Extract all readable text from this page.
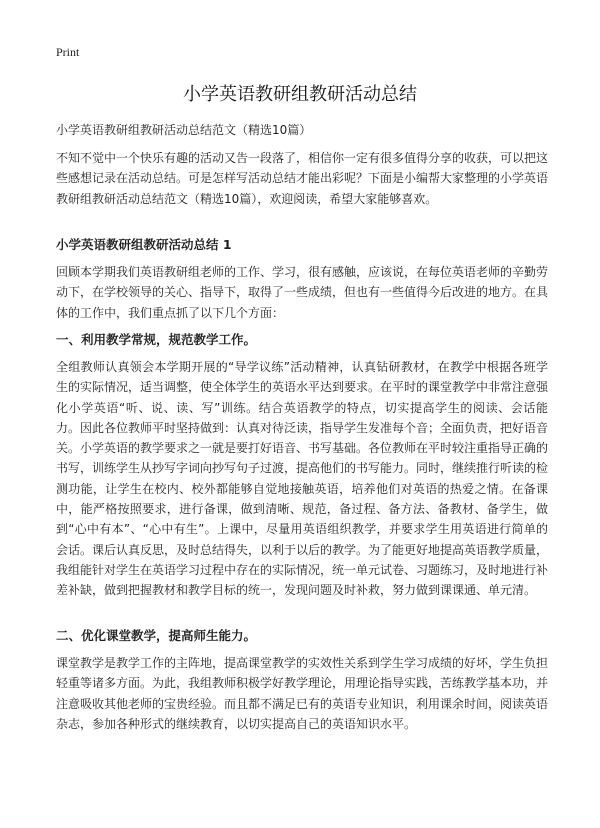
Print
小学英语教研组教研活动总结

小学英语教研组教研活动总结范文（精选10篇）

不知不觉中一个快乐有趣的活动又告一段落了，相信你一定有很多值得分享的收获，可以把这些感想记录在活动总结。可是怎样写活动总结才能出彩呢？下面是小编帮大家整理的小学英语教研组教研活动总结范文（精选10篇），欢迎阅读，希望大家能够喜欢。

小学英语教研组教研活动总结 1

回顾本学期我们英语教研组老师的工作、学习，很有感触，应该说，在每位英语老师的辛勤劳动下，在学校领导的关心、指导下，取得了一些成绩，但也有一些值得今后改进的地方。在具体的工作中，我们重点抓了以下几个方面：

一、利用教学常规，规范教学工作。

全组教师认真领会本学期开展的“导学议练”活动精神，认真钻研教材，在教学中根据各班学生的实际情况，适当调整，使全体学生的英语水平达到要求。在平时的课堂教学中非常注意强化小学英语“听、说、读、写”训练。结合英语教学的特点，切实提高学生的阅读、会话能力。因此各位教师平时坚持做到：认真对待泛读，指导学生发准每个音；全面负责，把好语音关。小学英语的教学要求之一就是要打好语音、书写基础。各位教师在平时较注重指导正确的书写，训练学生从抄写字词向抄写句子过渡，提高他们的书写能力。同时，继续推行听读的检测功能，让学生在校内、校外都能够自觉地接触英语，培养他们对英语的热爱之情。在备课中，能严格按照要求，进行备课，做到清晰、规范，备过程、备方法、备教材、备学生，做到“心中有本”、“心中有生”。上课中，尽量用英语组织教学，并要求学生用英语进行简单的会话。课后认真反思，及时总结得失，以利于以后的教学。为了能更好地提高英语教学质量，我组能针对学生在英语学习过程中存在的实际情况，统一单元试卷、习题练习，及时地进行补差补缺，做到把握教材和教学目标的统一，发现问题及时补救，努力做到课课通、单元清。

二、优化课堂教学，提高师生能力。

课堂教学是教学工作的主阵地，提高课堂教学的实效性关系到学生学习成绩的好坏，学生负担轻重等诸多方面。为此，我组教师积极学好教学理论，用理论指导实践，苦练教学基本功，并注意吸收其他老师的宝贵经验。而且都不满足已有的英语专业知识，利用课余时间，阅读英语杂志，参加各种形式的继续教育，以切实提高自己的英语知识水平。
